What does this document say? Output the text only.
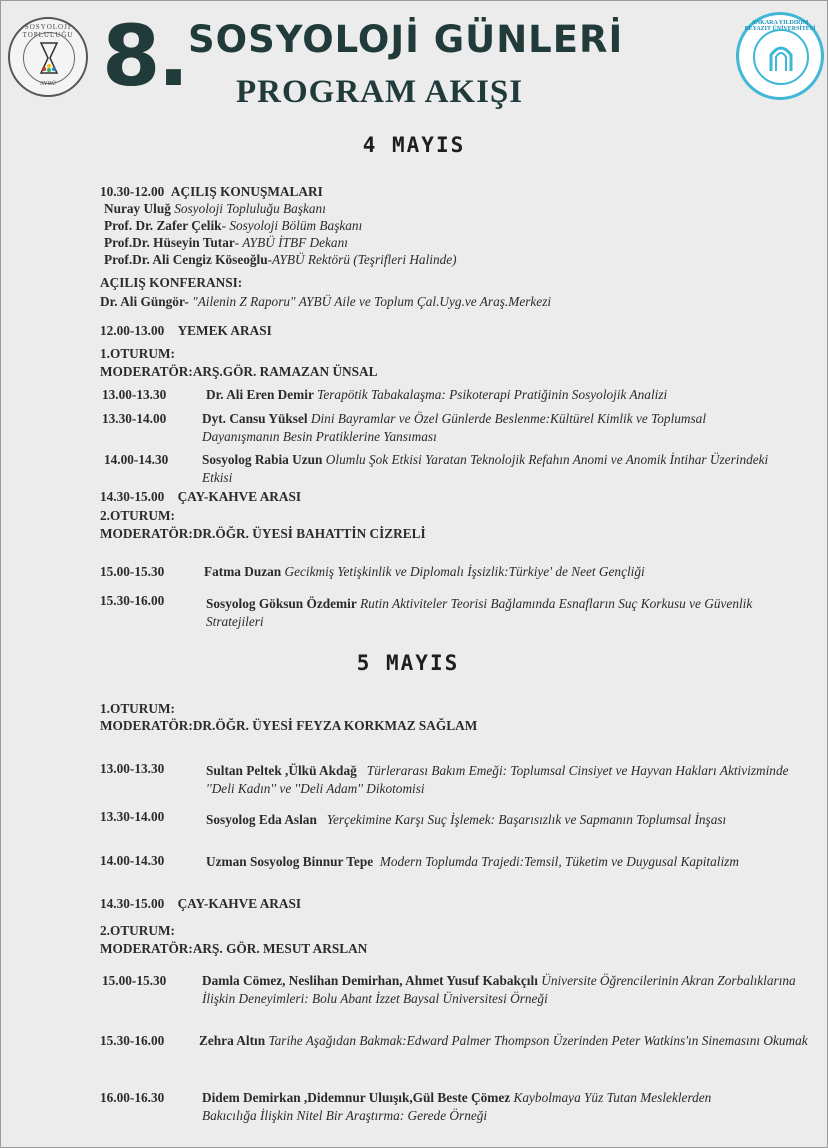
SOSYOLOJİ TOPLULUĞU
AYBÜ
ANKARA YILDIRIM BEYAZIT ÜNİVERSİTESİ
8. SOSYOLOJİ GÜNLERİ
PROGRAM AKIŞI
4 MAYIS
10.30-12.00 AÇILIŞ KONUŞMALARI
Nuray Uluğ Sosyoloji Topluluğu Başkanı
Prof. Dr. Zafer Çelik- Sosyoloji Bölüm Başkanı
Prof.Dr. Hüseyin Tutar- AYBÜ İTBF Dekanı
Prof.Dr. Ali Cengiz Köseoğlu-AYBÜ Rektörü (Teşrifleri Halinde)
AÇILIŞ KONFERANSI:
Dr. Ali Güngör- "Ailenin Z Raporu" AYBÜ Aile ve Toplum Çal.Uyg.ve Araş.Merkezi
12.00-13.00 YEMEK ARASI
1.OTURUM:
MODERATÖR:ARŞ.GÖR. RAMAZAN ÜNSAL
13.00-13.30	Dr. Ali Eren Demir Terapötik Tabakalaşma: Psikoterapi Pratiğinin Sosyolojik Analizi
13.30-14.00	Dyt. Cansu Yüksel Dini Bayramlar ve Özel Günlerde Beslenme:Kültürel Kimlik ve Toplumsal Dayanışmanın Besin Pratiklerine Yansıması
14.00-14.30	Sosyolog Rabia Uzun Olumlu Şok Etkisi Yaratan Teknolojik Refahın Anomi ve Anomik İntihar Üzerindeki Etkisi
14.30-15.00 ÇAY-KAHVE ARASI
2.OTURUM:
MODERATÖR:DR.ÖĞR. ÜYESİ BAHATTİN CİZRELİ
15.00-15.30	Fatma Duzan Gecikmiş Yetişkinlik ve Diplomalı İşsizlik:Türkiye' de Neet Gençliği
15.30-16.00	Sosyolog Göksun Özdemir Rutin Aktiviteler Teorisi Bağlamında Esnafların Suç Korkusu ve Güvenlik Stratejileri
5 MAYIS
1.OTURUM:
MODERATÖR:DR.ÖĞR. ÜYESİ FEYZA KORKMAZ SAĞLAM
13.00-13.30	Sultan Peltek ,Ülkü Akdağ Türlerarası Bakım Emeği: Toplumsal Cinsiyet ve Hayvan Hakları Aktivizminde ''Deli Kadın'' ve ''Deli Adam'' Dikotomisi
13.30-14.00	Sosyolog Eda Aslan Yerçekimine Karşı Suç İşlemek: Başarısızlık ve Sapmanın Toplumsal İnşası
14.00-14.30	Uzman Sosyolog Binnur Tepe Modern Toplumda Trajedi:Temsil, Tüketim ve Duygusal Kapitalizm
14.30-15.00 ÇAY-KAHVE ARASI
2.OTURUM:
MODERATÖR:ARŞ. GÖR. MESUT ARSLAN
15.00-15.30	Damla Cömez, Neslihan Demirhan, Ahmet Yusuf Kabakçılı Üniversite Öğrencilerinin Akran Zorbalıklarına İlişkin Deneyimleri: Bolu Abant İzzet Baysal Üniversitesi Örneği
15.30-16.00	Zehra Altın Tarihe Aşağıdan Bakmak:Edward Palmer Thompson Üzerinden Peter Watkins'ın Sinemasını Okumak
16.00-16.30	Didem Demirkan ,Didemnur Uluışık,Gül Beste Çömez Kaybolmaya Yüz Tutan Mesleklerden Bakıcılığa İlişkin Nitel Bir Araştırma: Gerede Örneği
